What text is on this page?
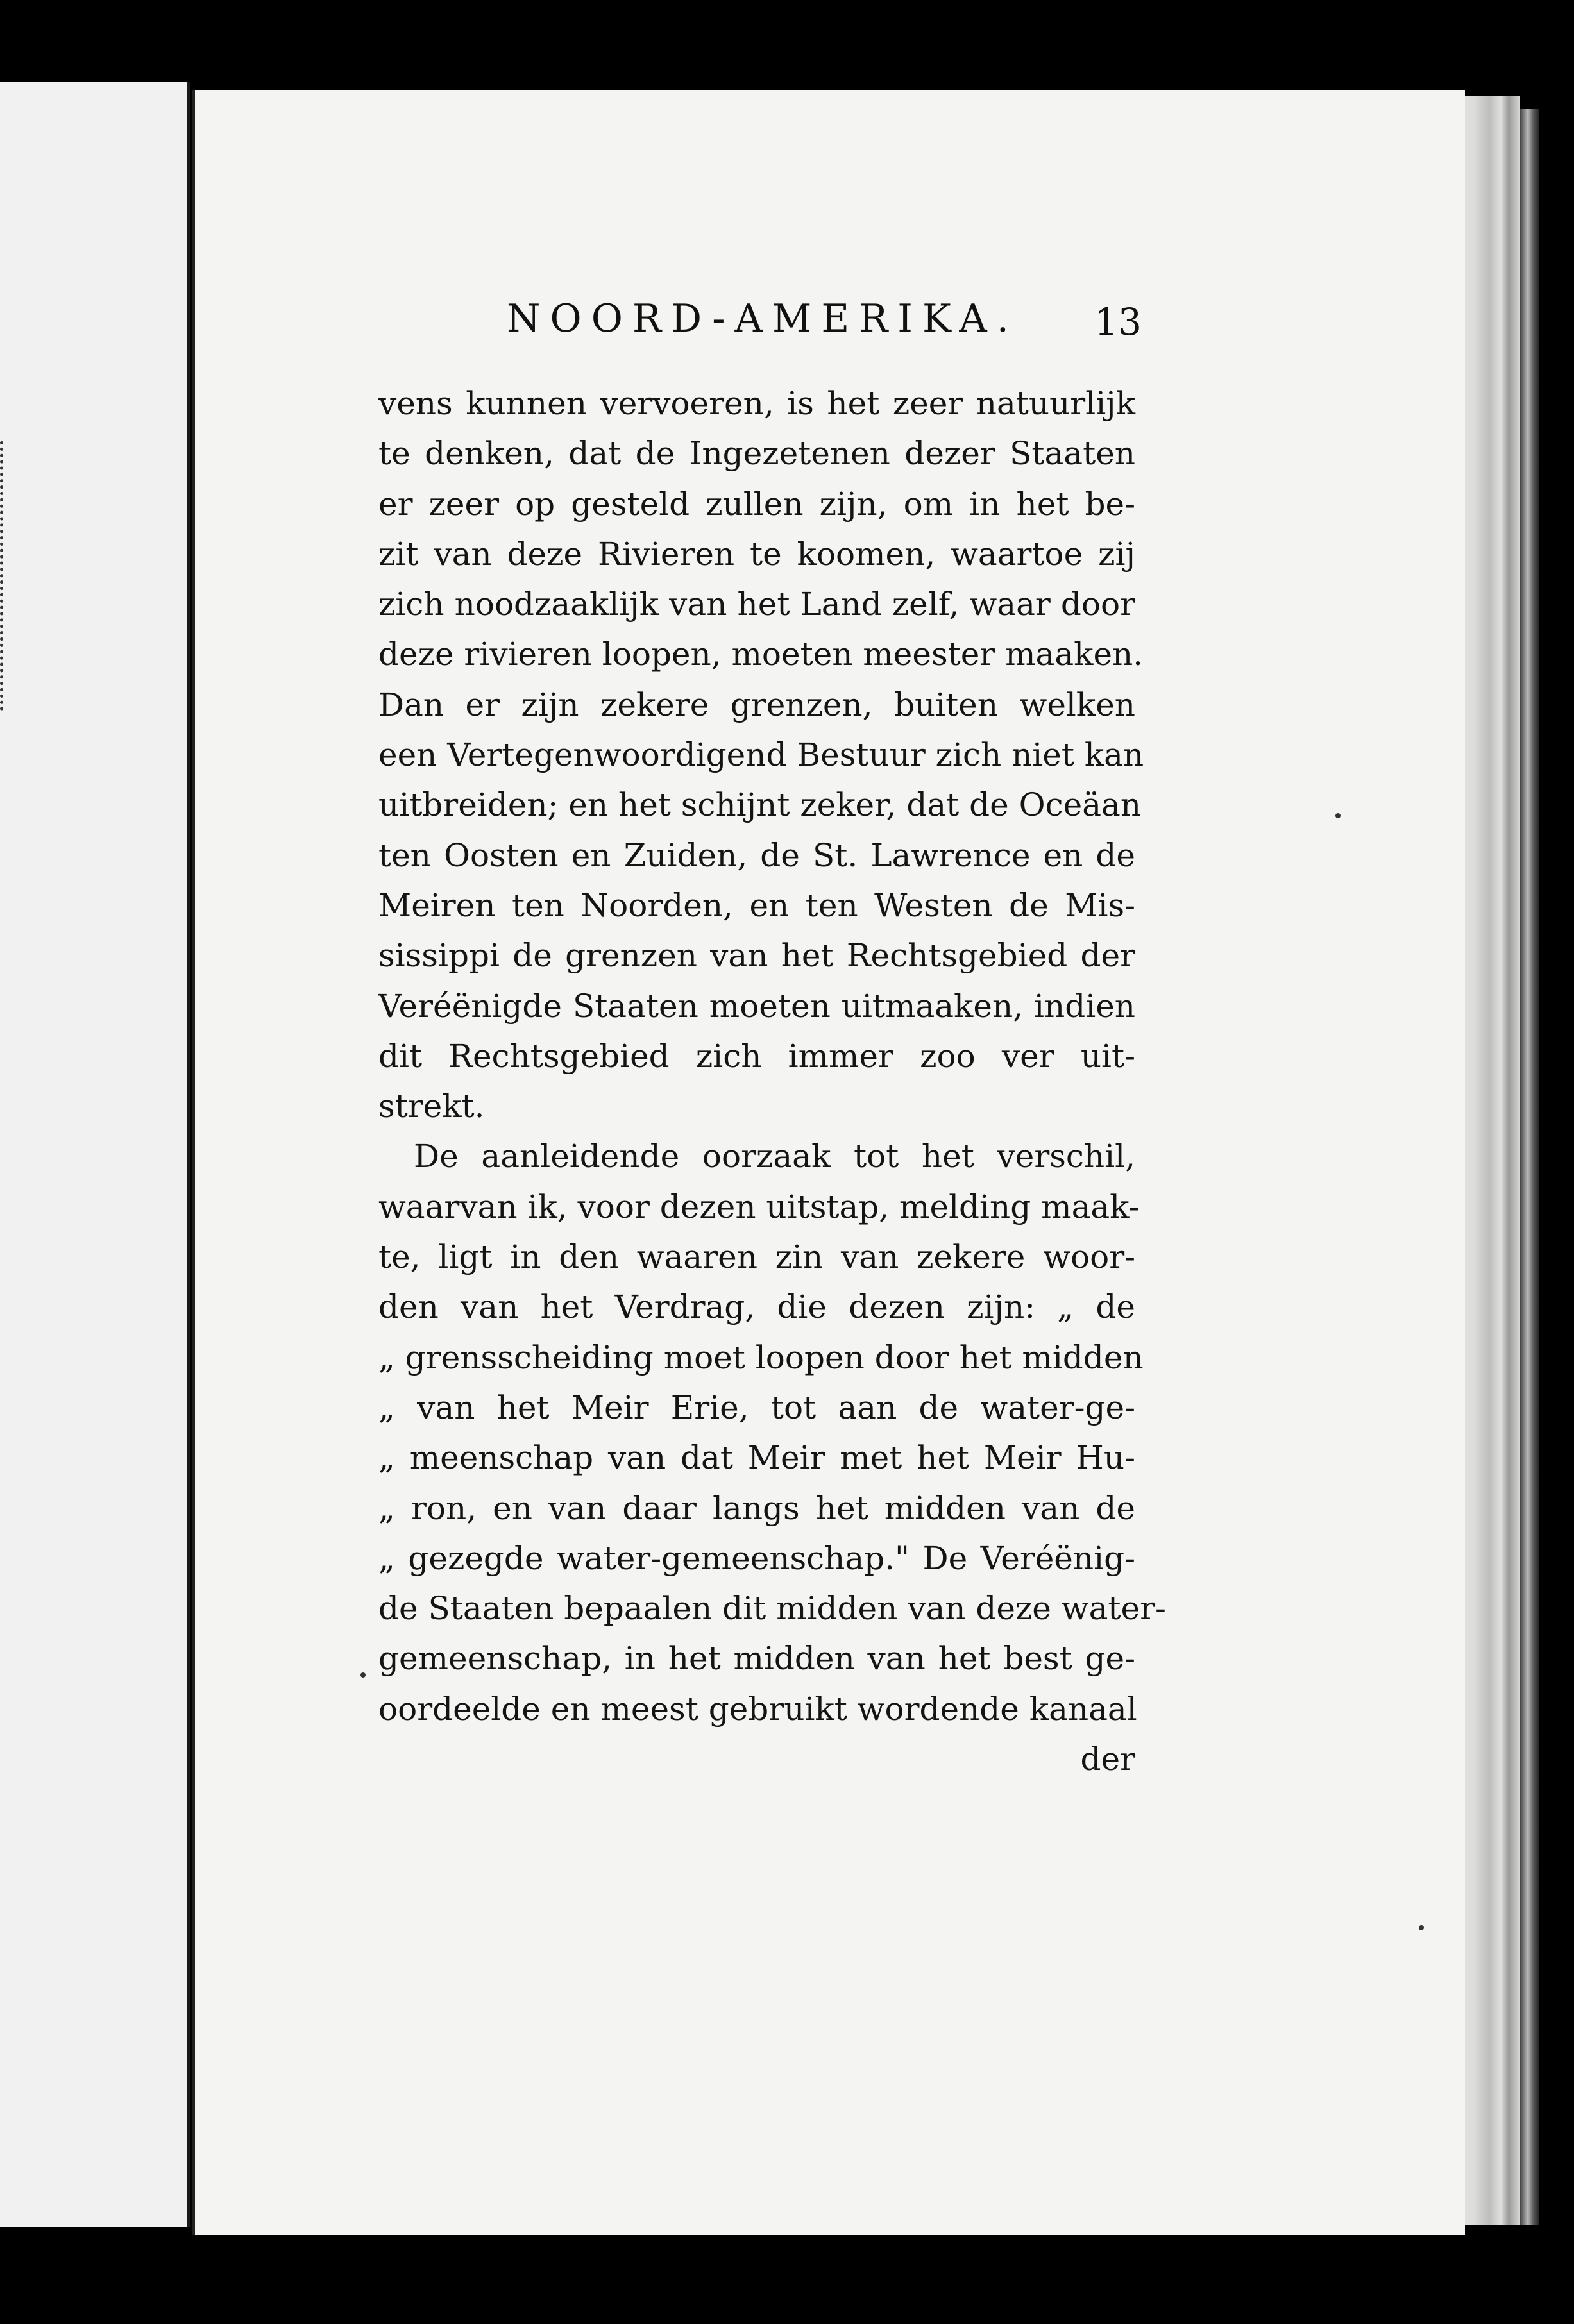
NOORD-AMERIKA. 13
vens kunnen vervoeren, is het zeer natuurlijk
te denken, dat de Ingezetenen dezer Staaten
er zeer op gesteld zullen zijn, om in het be-
zit van deze Rivieren te koomen, waartoe zij
zich noodzaaklijk van het Land zelf, waar door
deze rivieren loopen, moeten meester maaken.
Dan er zijn zekere grenzen, buiten welken
een Vertegenwoordigend Bestuur zich niet kan
uitbreiden; en het schijnt zeker, dat de Oceäan
ten Oosten en Zuiden, de St. Lawrence en de
Meiren ten Noorden, en ten Westen de Mis-
sissippi de grenzen van het Rechtsgebied der
Veréënigde Staaten moeten uitmaaken, indien
dit Rechtsgebied zich immer zoo ver uit-
strekt.
De aanleidende oorzaak tot het verschil,
waarvan ik, voor dezen uitstap, melding maak-
te, ligt in den waaren zin van zekere woor-
den van het Verdrag, die dezen zijn: „ de
„ grensscheiding moet loopen door het midden
„ van het Meir Erie, tot aan de water-ge-
„ meenschap van dat Meir met het Meir Hu-
„ ron, en van daar langs het midden van de
„ gezegde water-gemeenschap." De Veréënig-
de Staaten bepaalen dit midden van deze water-
gemeenschap, in het midden van het best ge-
oordeelde en meest gebruikt wordende kanaal
der
